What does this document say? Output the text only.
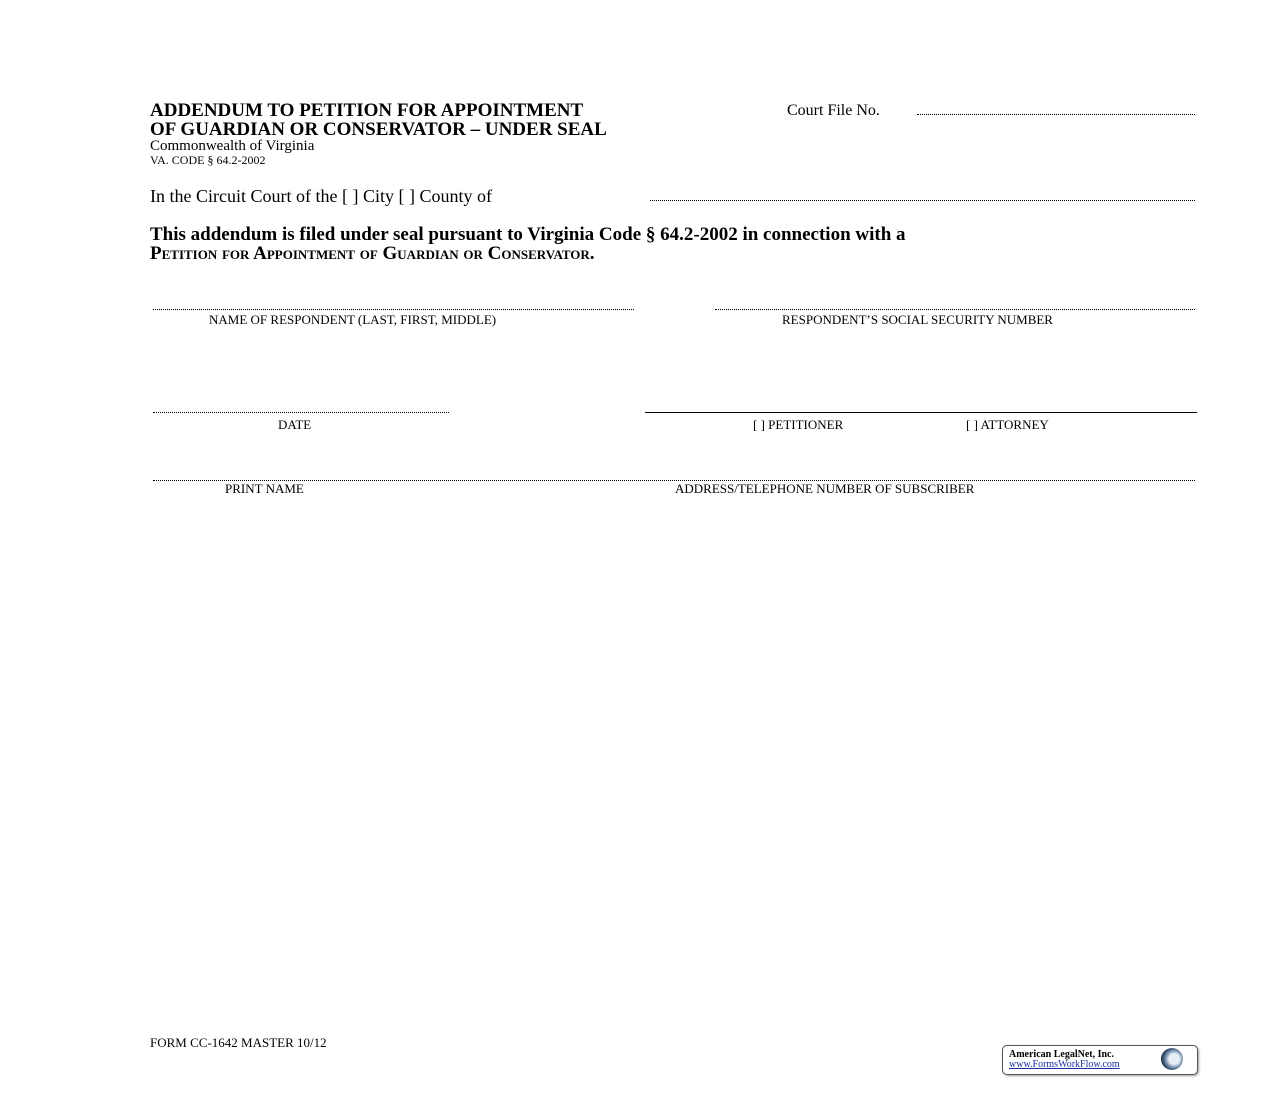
ADDENDUM TO PETITION FOR APPOINTMENT
OF GUARDIAN OR CONSERVATOR – UNDER SEAL
Commonwealth of Virginia
VA. CODE § 64.2-2002
Court File No.
In the Circuit Court of the [ ] City [ ] County of
This addendum is filed under seal pursuant to Virginia Code § 64.2-2002 in connection with a
Petition for Appointment of Guardian or Conservator.
NAME OF RESPONDENT (LAST, FIRST, MIDDLE)	RESPONDENT’S SOCIAL SECURITY NUMBER
DATE	[ ] PETITIONER	[ ] ATTORNEY
PRINT NAME	ADDRESS/TELEPHONE NUMBER OF SUBSCRIBER
FORM CC-1642 MASTER 10/12
American LegalNet, Inc.
www.FormsWorkFlow.com
